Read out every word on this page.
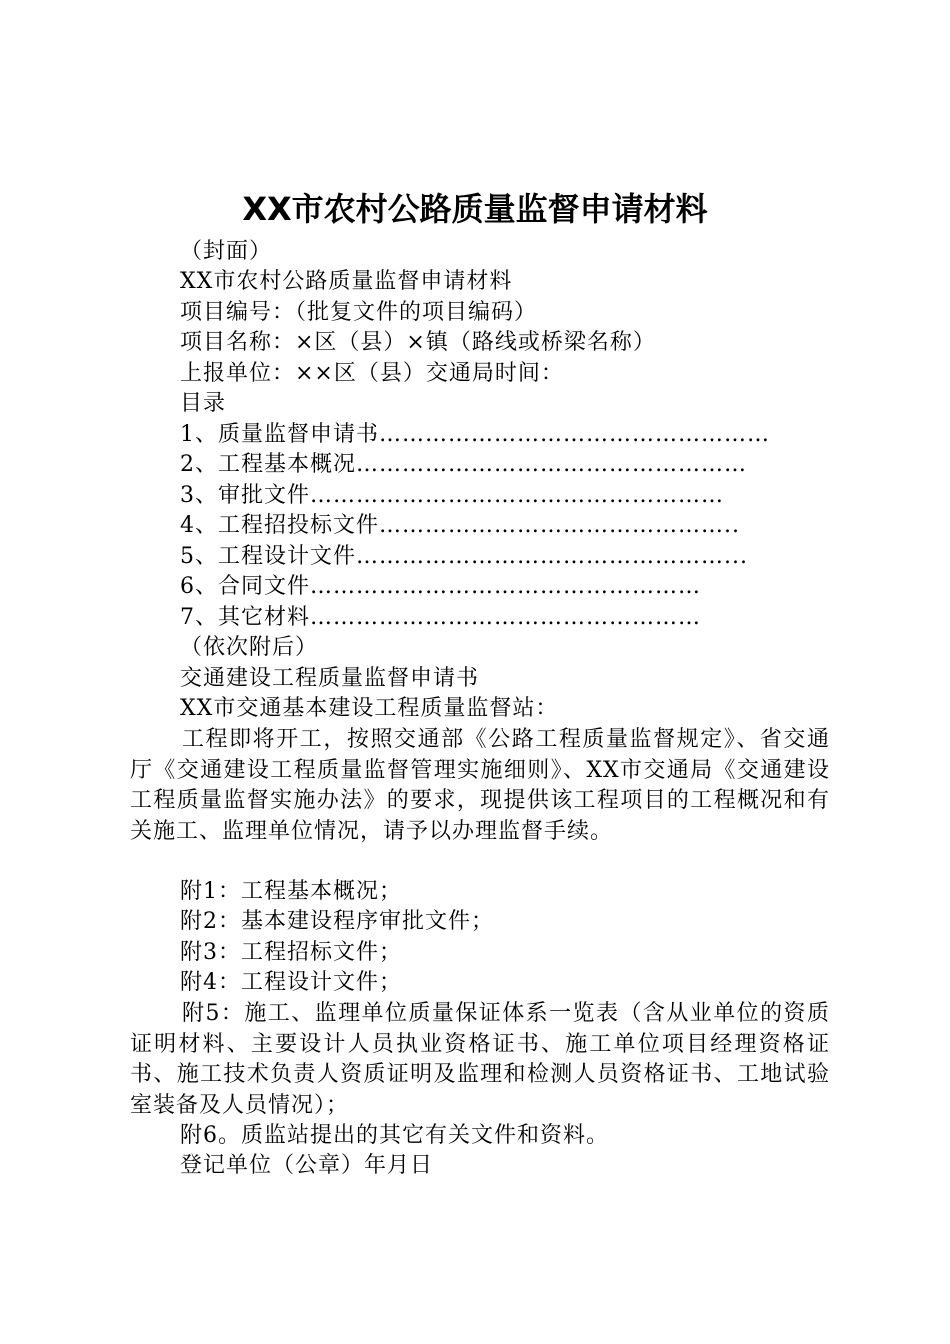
XX市农村公路质量监督申请材料
（封面）
XX市农村公路质量监督申请材料
项目编号：（批复文件的项目编码）
项目名称：×区（县）×镇（路线或桥梁名称）
上报单位：××区（县）交通局时间：
目录
1、质量监督申请书……………………………………………
2、工程基本概况……………………………………………
3、审批文件………………………………………………
4、工程招投标文件………………………………………..
5、工程设计文件…………………………………………...
6、合同文件……………………………………………
7、其它材料……………………………………………
（依次附后）
交通建设工程质量监督申请书
XX市交通基本建设工程质量监督站：
工程即将开工，按照交通部《公路工程质量监督规定》、省交通厅《交通建设工程质量监督管理实施细则》、XX市交通局《交通建设工程质量监督实施办法》的要求，现提供该工程项目的工程概况和有关施工、监理单位情况，请予以办理监督手续。
附1：工程基本概况；
附2：基本建设程序审批文件；
附3：工程招标文件；
附4：工程设计文件；
附5：施工、监理单位质量保证体系一览表（含从业单位的资质证明材料、主要设计人员执业资格证书、施工单位项目经理资格证书、施工技术负责人资质证明及监理和检测人员资格证书、工地试验室装备及人员情况）；
附6。质监站提出的其它有关文件和资料。
登记单位（公章）年月日
